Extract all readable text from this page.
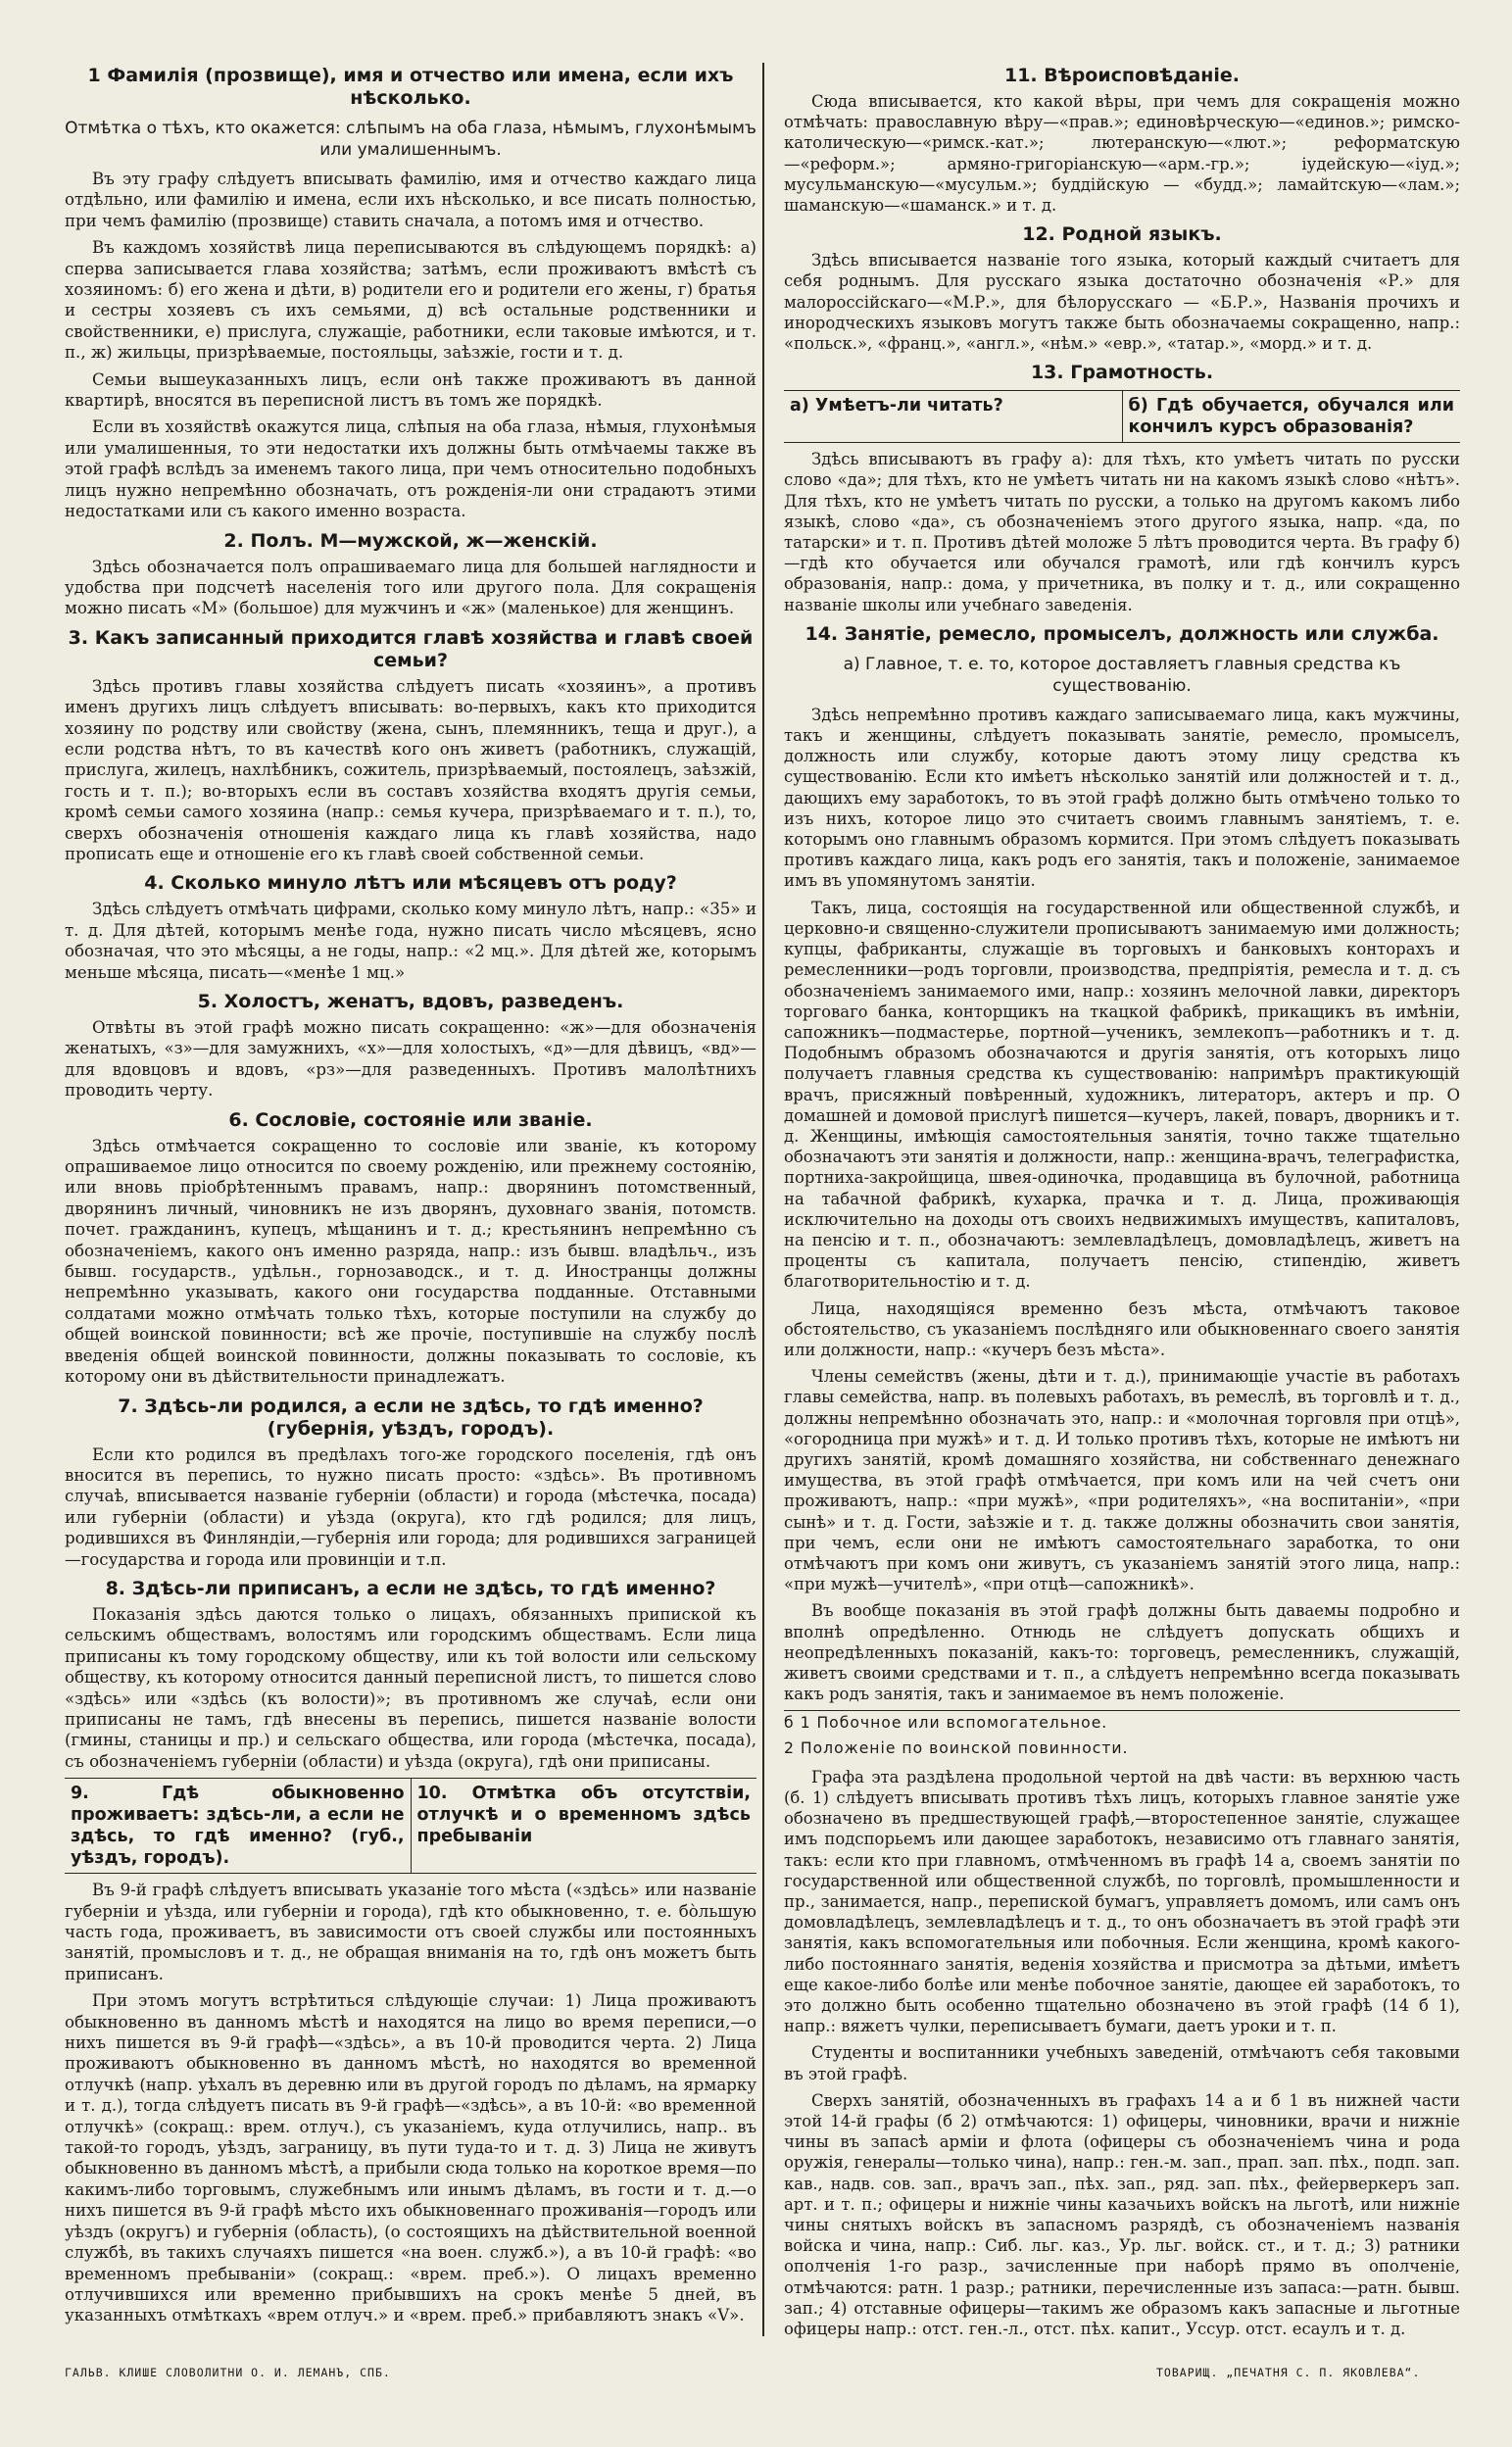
1 Фамилія (прозвище), имя и отчество или имена, если ихъ нѣсколько.
Отмѣтка о тѣхъ, кто окажется: слѣпымъ на оба глаза, нѣмымъ, глухонѣмымъ или умалишеннымъ.

Въ эту графу слѣдуетъ вписывать фамилію, имя и отчество каждаго лица отдѣльно, или фамилію и имена, если ихъ нѣсколько, и все писать полностью, при чемъ фамилію (прозвище) ставить сначала, а потомъ имя и отчество.

Въ каждомъ хозяйствѣ лица переписываются въ слѣдующемъ порядкѣ: а) сперва записывается глава хозяйства; затѣмъ, если проживаютъ вмѣстѣ съ хозяиномъ: б) его жена и дѣти, в) родители его и родители его жены, г) братья и сестры хозяевъ съ ихъ семьями, д) всѣ остальные родственники и свойственники, е) прислуга, служащіе, работники, если таковые имѣются, и т. п., ж) жильцы, призрѣваемые, постояльцы, заѣзжіе, гости и т. д.

Семьи вышеуказанныхъ лицъ, если онѣ также проживаютъ въ данной квартирѣ, вносятся въ переписной листъ въ томъ же порядкѣ.

Если въ хозяйствѣ окажутся лица, слѣпыя на оба глаза, нѣмыя, глухонѣмыя или умалишенныя, то эти недостатки ихъ должны быть отмѣчаемы также въ этой графѣ вслѣдъ за именемъ такого лица, при чемъ относительно подобныхъ лицъ нужно непремѣнно обозначать, отъ рожденія-ли они страдаютъ этими недостатками или съ какого именно возраста.

2. Полъ. М—мужской, ж—женскій.

Здѣсь обозначается полъ опрашиваемаго лица для большей наглядности и удобства при подсчетѣ населенія того или другого пола. Для сокращенія можно писать «М» (большое) для мужчинъ и «ж» (маленькое) для женщинъ.

3. Какъ записанный приходится главѣ хозяйства и главѣ своей семьи?

Здѣсь противъ главы хозяйства слѣдуетъ писать «хозяинъ», а противъ именъ другихъ лицъ слѣдуетъ вписывать: во-первыхъ, какъ кто приходится хозяину по родству или свойству (жена, сынъ, племянникъ, теща и друг.), а если родства нѣтъ, то въ качествѣ кого онъ живетъ (работникъ, служащій, прислуга, жилецъ, нахлѣбникъ, сожитель, призрѣваемый, постоялецъ, заѣзжій, гость и т. п.); во-вторыхъ если въ составъ хозяйства входятъ другія семьи, кромѣ семьи самого хозяина (напр.: семья кучера, призрѣваемаго и т. п.), то, сверхъ обозначенія отношенія каждаго лица къ главѣ хозяйства, надо прописать еще и отношеніе его къ главѣ своей собственной семьи.

4. Сколько минуло лѣтъ или мѣсяцевъ отъ роду?

Здѣсь слѣдуетъ отмѣчать цифрами, сколько кому минуло лѣтъ, напр.: «35» и т. д. Для дѣтей, которымъ менѣе года, нужно писать число мѣсяцевъ, ясно обозначая, что это мѣсяцы, а не годы, напр.: «2 мц.». Для дѣтей же, которымъ меньше мѣсяца, писать—«менѣе 1 мц.»

5. Холостъ, женатъ, вдовъ, разведенъ.

Отвѣты въ этой графѣ можно писать сокращенно: «ж»—для обозначенія женатыхъ, «з»—для замужнихъ, «х»—для холостыхъ, «д»—для дѣвицъ, «вд»—для вдовцовъ и вдовъ, «рз»—для разведенныхъ. Противъ малолѣтнихъ проводить черту.

6. Сословіе, состояніе или званіе.

Здѣсь отмѣчается сокращенно то сословіе или званіе, къ которому опрашиваемое лицо относится по своему рожденію, или прежнему состоянію, или вновь пріобрѣтеннымъ правамъ, напр.: дворянинъ потомственный, дворянинъ личный, чиновникъ не изъ дворянъ, духовнаго званія, потомств. почет. гражданинъ, купецъ, мѣщанинъ и т. д.; крестьянинъ непремѣнно съ обозначеніемъ, какого онъ именно разряда, напр.: изъ бывш. владѣльч., изъ бывш. государств., удѣльн., горнозаводск., и т. д. Иностранцы должны непремѣнно указывать, какого они государства подданные. Отставными солдатами можно отмѣчать только тѣхъ, которые поступили на службу до общей воинской повинности; всѣ же прочіе, поступившіе на службу послѣ введенія общей воинской повинности, должны показывать то сословіе, къ которому они въ дѣйствительности принадлежатъ.

7. Здѣсь-ли родился, а если не здѣсь, то гдѣ именно? (губернія, уѣздъ, городъ).

Если кто родился въ предѣлахъ того-же городского поселенія, гдѣ онъ вносится въ перепись, то нужно писать просто: «здѣсь». Въ противномъ случаѣ, вписывается названіе губерніи (области) и города (мѣстечка, посада) или губерніи (области) и уѣзда (округа), кто гдѣ родился; для лицъ, родившихся въ Финляндіи,—губернія или города; для родившихся заграницей—государства и города или провинціи и т.п.

8. Здѣсь-ли приписанъ, а если не здѣсь, то гдѣ именно?

Показанія здѣсь даются только о лицахъ, обязанныхъ припиской къ сельскимъ обществамъ, волостямъ или городскимъ обществамъ. Если лица приписаны къ тому городскому обществу, или къ той волости или сельскому обществу, къ которому относится данный переписной листъ, то пишется слово «здѣсь» или «здѣсь (къ волости)»; въ противномъ же случаѣ, если они приписаны не тамъ, гдѣ внесены въ перепись, пишется названіе волости (гмины, станицы и пр.) и сельскаго общества, или города (мѣстечка, посада), съ обозначеніемъ губерніи (области) и уѣзда (округа), гдѣ они приписаны.

9. Гдѣ обыкновенно проживаетъ: здѣсь-ли, а если не здѣсь, то гдѣ именно? (губ., уѣздъ, городъ).
10. Отмѣтка объ отсутствіи, отлучкѣ и о временномъ здѣсь пребываніи

Въ 9-й графѣ слѣдуетъ вписывать указаніе того мѣста («здѣсь» или названіе губерніи и уѣзда, или губерніи и города), гдѣ кто обыкновенно, т. е. бо̀льшую часть года, проживаетъ, въ зависимости отъ своей службы или постоянныхъ занятій, промысловъ и т. д., не обращая вниманія на то, гдѣ онъ можетъ быть приписанъ.

При этомъ могутъ встрѣтиться слѣдующіе случаи: 1) Лица проживаютъ обыкновенно въ данномъ мѣстѣ и находятся на лицо во время переписи,—о нихъ пишется въ 9-й графѣ—«здѣсь», а въ 10-й проводится черта. 2) Лица проживаютъ обыкновенно въ данномъ мѣстѣ, но находятся во временной отлучкѣ (напр. уѣхалъ въ деревню или въ другой городъ по дѣламъ, на ярмарку и т. д.), тогда слѣдуетъ писать въ 9-й графѣ—«здѣсь», а въ 10-й: «во временной отлучкѣ» (сокращ.: врем. отлуч.), съ указаніемъ, куда отлучились, напр.. въ такой-то городъ, уѣздъ, заграницу, въ пути туда-то и т. д. 3) Лица не живутъ обыкновенно въ данномъ мѣстѣ, а прибыли сюда только на короткое время—по какимъ-либо торговымъ, служебнымъ или инымъ дѣламъ, въ гости и т. д.—о нихъ пишется въ 9-й графѣ мѣсто ихъ обыкновеннаго проживанія—городъ или уѣздъ (округъ) и губернія (область), (о состоящихъ на дѣйствительной военной службѣ, въ такихъ случаяхъ пишется «на воен. служб.»), а въ 10-й графѣ: «во временномъ пребываніи» (сокращ.: «врем. преб.»). О лицахъ временно отлучившихся или временно прибывшихъ на срокъ менѣе 5 дней, въ указанныхъ отмѣткахъ «врем отлуч.» и «врем. преб.» прибавляютъ знакъ «V».

11. Вѣроисповѣданіе.

Сюда вписывается, кто какой вѣры, при чемъ для сокращенія можно отмѣчать: православную вѣру—«прав.»; единовѣрческую—«единов.»; римско-католическую—«римск.-кат.»; лютеранскую—«лют.»; реформатскую—«реформ.»; армяно-григоріанскую—«арм.-гр.»; іудейскую—«іуд.»; мусульманскую—«мусульм.»; буддійскую — «будд.»; ламайтскую—«лам.»; шаманскую—«шаманск.» и т. д.

12. Родной языкъ.

Здѣсь вписывается названіе того языка, который каждый считаетъ для себя роднымъ. Для русскаго языка достаточно обозначенія «Р.» для малороссійскаго—«М.Р.», для бѣлорусскаго — «Б.Р.», Названія прочихъ и инородческихъ языковъ могутъ также быть обозначаемы сокращенно, напр.: «польск.», «франц.», «англ.», «нѣм.» «евр.», «татар.», «морд.» и т. д.

13. Грамотность.
а) Умѣетъ-ли читать?	б) Гдѣ обучается, обучался или кончилъ курсъ образованія?

Здѣсь вписываютъ въ графу а): для тѣхъ, кто умѣетъ читать по русски слово «да»; для тѣхъ, кто не умѣетъ читать ни на какомъ языкѣ слово «нѣтъ». Для тѣхъ, кто не умѣетъ читать по русски, а только на другомъ какомъ либо языкѣ, слово «да», съ обозначеніемъ этого другого языка, напр. «да, по татарски» и т. п. Противъ дѣтей моложе 5 лѣтъ проводится черта. Въ графу б)—гдѣ кто обучается или обучался грамотѣ, или гдѣ кончилъ курсъ образованія, напр.: дома, у причетника, въ полку и т. д., или сокращенно названіе школы или учебнаго заведенія.

14. Занятіе, ремесло, промыселъ, должность или служба.
а) Главное, т. е. то, которое доставляетъ главныя средства къ существованію.

Здѣсь непремѣнно противъ каждаго записываемаго лица, какъ мужчины, такъ и женщины, слѣдуетъ показывать занятіе, ремесло, промыселъ, должность или службу, которые даютъ этому лицу средства къ существованію. Если кто имѣетъ нѣсколько занятій или должностей и т. д., дающихъ ему заработокъ, то въ этой графѣ должно быть отмѣчено только то изъ нихъ, которое лицо это считаетъ своимъ главнымъ занятіемъ, т. е. которымъ оно главнымъ образомъ кормится. При этомъ слѣдуетъ показывать противъ каждаго лица, какъ родъ его занятія, такъ и положеніе, занимаемое имъ въ упомянутомъ занятіи.

Такъ, лица, состоящія на государственной или общественной службѣ, и церковно-и священно-служители прописываютъ занимаемую ими должность; купцы, фабриканты, служащіе въ торговыхъ и банковыхъ конторахъ и ремесленники—родъ торговли, производства, предпріятія, ремесла и т. д. съ обозначеніемъ занимаемого ими, напр.: хозяинъ мелочной лавки, директоръ торговаго банка, конторщикъ на ткацкой фабрикѣ, прикащикъ въ имѣніи, сапожникъ—подмастерье, портной—ученикъ, землекопъ—работникъ и т. д. Подобнымъ образомъ обозначаются и другія занятія, отъ которыхъ лицо получаетъ главныя средства къ существованію: напримѣръ практикующій врачъ, присяжный повѣренный, художникъ, литераторъ, актеръ и пр. О домашней и домовой прислугѣ пишется—кучеръ, лакей, поваръ, дворникъ и т. д. Женщины, имѣющія самостоятельныя занятія, точно также тщательно обозначаютъ эти занятія и должности, напр.: женщина-врачъ, телеграфистка, портниха-закройщица, швея-одиночка, продавщица въ булочной, работница на табачной фабрикѣ, кухарка, прачка и т. д. Лица, проживающія исключительно на доходы отъ своихъ недвижимыхъ имуществъ, капиталовъ, на пенсію и т. п., обозначаютъ: землевладѣлецъ, домовладѣлецъ, живетъ на проценты съ капитала, получаетъ пенсію, стипендію, живетъ благотворительностію и т. д.

Лица, находящіяся временно безъ мѣста, отмѣчаютъ таковое обстоятельство, съ указаніемъ послѣдняго или обыкновеннаго своего занятія или должности, напр.: «кучеръ безъ мѣста».

Члены семействъ (жены, дѣти и т. д.), принимающіе участіе въ работахъ главы семейства, напр. въ полевыхъ работахъ, въ ремеслѣ, въ торговлѣ и т. д., должны непремѣнно обозначать это, напр.: и «молочная торговля при отцѣ», «огородница при мужѣ» и т. д. И только противъ тѣхъ, которые не имѣютъ ни другихъ занятій, кромѣ домашняго хозяйства, ни собственнаго денежнаго имущества, въ этой графѣ отмѣчается, при комъ или на чей счетъ они проживаютъ, напр.: «при мужѣ», «при родителяхъ», «на воспитаніи», «при сынѣ» и т. д. Гости, заѣзжіе и т. д. также должны обозначить свои занятія, при чемъ, если они не имѣютъ самостоятельнаго заработка, то они отмѣчаютъ при комъ они живутъ, съ указаніемъ занятій этого лица, напр.: «при мужѣ—учителѣ», «при отцѣ—сапожникѣ».

Въ вообще показанія въ этой графѣ должны быть даваемы подробно и вполнѣ опредѣленно. Отнюдь не слѣдуетъ допускать общихъ и неопредѣленныхъ показаній, какъ-то: торговецъ, ремесленникъ, служащій, живетъ своими средствами и т. п., а слѣдуетъ непремѣнно всегда показывать какъ родъ занятія, такъ и занимаемое въ немъ положеніе.

б 1 Побочное или вспомогательное.
2 Положеніе по воинской повинности.

Графа эта раздѣлена продольной чертой на двѣ части: въ верхнюю часть (б. 1) слѣдуетъ вписывать противъ тѣхъ лицъ, которыхъ главное занятіе уже обозначено въ предшествующей графѣ,—второстепенное занятіе, служащее имъ подспорьемъ или дающее заработокъ, независимо отъ главнаго занятія, такъ: если кто при главномъ, отмѣченномъ въ графѣ 14 а, своемъ занятіи по государственной или общественной службѣ, по торговлѣ, промышленности и пр., занимается, напр., перепиской бумагъ, управляетъ домомъ, или самъ онъ домовладѣлецъ, землевладѣлецъ и т. д., то онъ обозначаетъ въ этой графѣ эти занятія, какъ вспомогательныя или побочныя. Если женщина, кромѣ какого-либо постояннаго занятія, веденія хозяйства и присмотра за дѣтьми, имѣетъ еще какое-либо болѣе или менѣе побочное занятіе, дающее ей заработокъ, то это должно быть особенно тщательно обозначено въ этой графѣ (14 б 1), напр.: вяжетъ чулки, переписываетъ бумаги, даетъ уроки и т. п.

Студенты и воспитанники учебныхъ заведеній, отмѣчаютъ себя таковыми въ этой графѣ.

Сверхъ занятій, обозначенныхъ въ графахъ 14 а и б 1 въ нижней части этой 14-й графы (б 2) отмѣчаются: 1) офицеры, чиновники, врачи и нижніе чины въ запасѣ арміи и флота (офицеры съ обозначеніемъ чина и рода оружія, генералы—только чина), напр.: ген.-м. зап., прап. зап. пѣх., подп. зап. кав., надв. сов. зап., врачъ зап., пѣх. зап., ряд. зап. пѣх., фейерверкеръ зап. арт. и т. п.; офицеры и нижніе чины казачьихъ войскъ на льготѣ, или нижніе чины снятыхъ войскъ въ запасномъ разрядѣ, съ обозначеніемъ названія войска и чина, напр.: Сиб. льг. каз., Ур. льг. войск. ст., и т. д.; 3) ратники ополченія 1-го разр., зачисленные при наборѣ прямо въ ополченіе, отмѣчаются: ратн. 1 разр.; ратники, перечисленные изъ запаса:—ратн. бывш. зап.; 4) отставные офицеры—такимъ же образомъ какъ запасные и льготные офицеры напр.: отст. ген.-л., отст. пѣх. капит., Уссур. отст. есаулъ и т. д.

ГАЛЬВ. КЛИШЕ СЛОВОЛИТНИ О. И. ЛЕМАНЪ, СПБ.	ТОВАРИЩ. „ПЕЧАТНЯ С. П. ЯКОВЛЕВА“.
